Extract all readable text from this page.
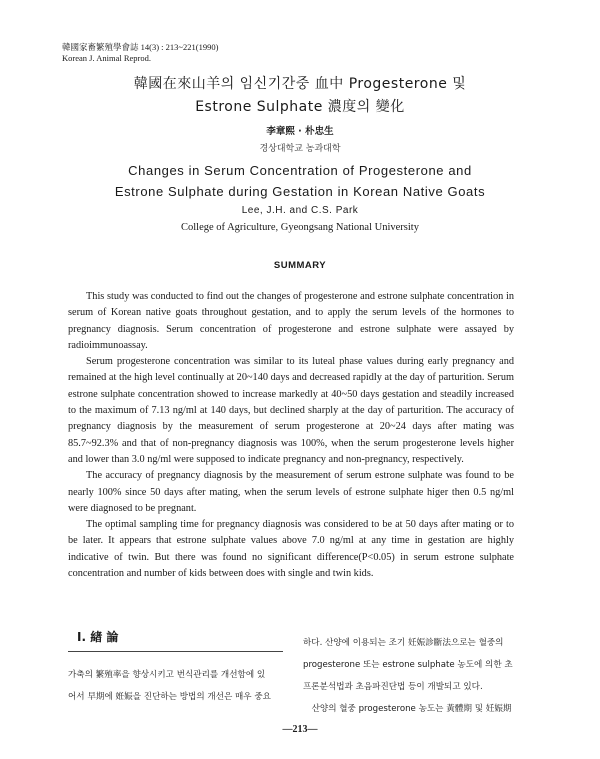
韓國家畜繁殖學會誌 14(3) : 213~221(1990)
Korean J. Animal Reprod.
韓國在來山羊의 임신기간중 血中 Progesterone 및
Estrone Sulphate 濃度의 變化
李章熙 · 朴忠生
경상대학교 농과대학
Changes in Serum Concentration of Progesterone and
Estrone Sulphate during Gestation in Korean Native Goats
Lee, J.H. and C.S. Park
College of Agriculture, Gyeongsang National University
SUMMARY

This study was conducted to find out the changes of progesterone and estrone sulphate concentration in serum of Korean native goats throughout gestation, and to apply the serum levels of the hormones to pregnancy diagnosis. Serum concentration of progesterone and estrone sulphate were assayed by radioimmunoassay.

Serum progesterone concentration was similar to its luteal phase values during early pregnancy and remained at the high level continually at 20~140 days and decreased rapidly at the day of parturition. Serum estrone sulphate concentration showed to increase markedly at 40~50 days gestation and steadily increased to the maximum of 7.13 ng/ml at 140 days, but declined sharply at the day of parturition. The accuracy of pregnancy diagnosis by the measurement of serum progesterone at 20~24 days after mating was 85.7~92.3% and that of non-pregnancy diagnosis was 100%, when the serum progesterone levels higher and lower than 3.0 ng/ml were supposed to indicate pregnancy and non-pregnancy, respectively.

The accuracy of pregnancy diagnosis by the measurement of serum estrone sulphate was found to be nearly 100% since 50 days after mating, when the serum levels of estrone sulphate higer then 0.5 ng/ml were diagnosed to be pregnant.

The optimal sampling time for pregnancy diagnosis was considered to be at 50 days after mating or to be later. It appears that estrone sulphate values above 7.0 ng/ml at any time in gestation are highly indicative of twin. But there was found no significant difference(P<0.05) in serum estrone sulphate concentration and number of kids between does with single and twin kids.

I. 緖 論
가축의 繁殖率을 향상시키고 번식관리를 개선함에 있
어서 早期에 姙娠을 진단하는 방법의 개선은 매우 중요
하다. 산양에 이용되는 조기 妊娠診斷法으로는 혈중의
progesterone 또는 estrone sulphate 농도에 의한 초
프론분석법과 초음파진단법 등이 개발되고 있다.
　산양의 혈중 progesterone 농도는 黃體期 및 妊娠期
—213—
